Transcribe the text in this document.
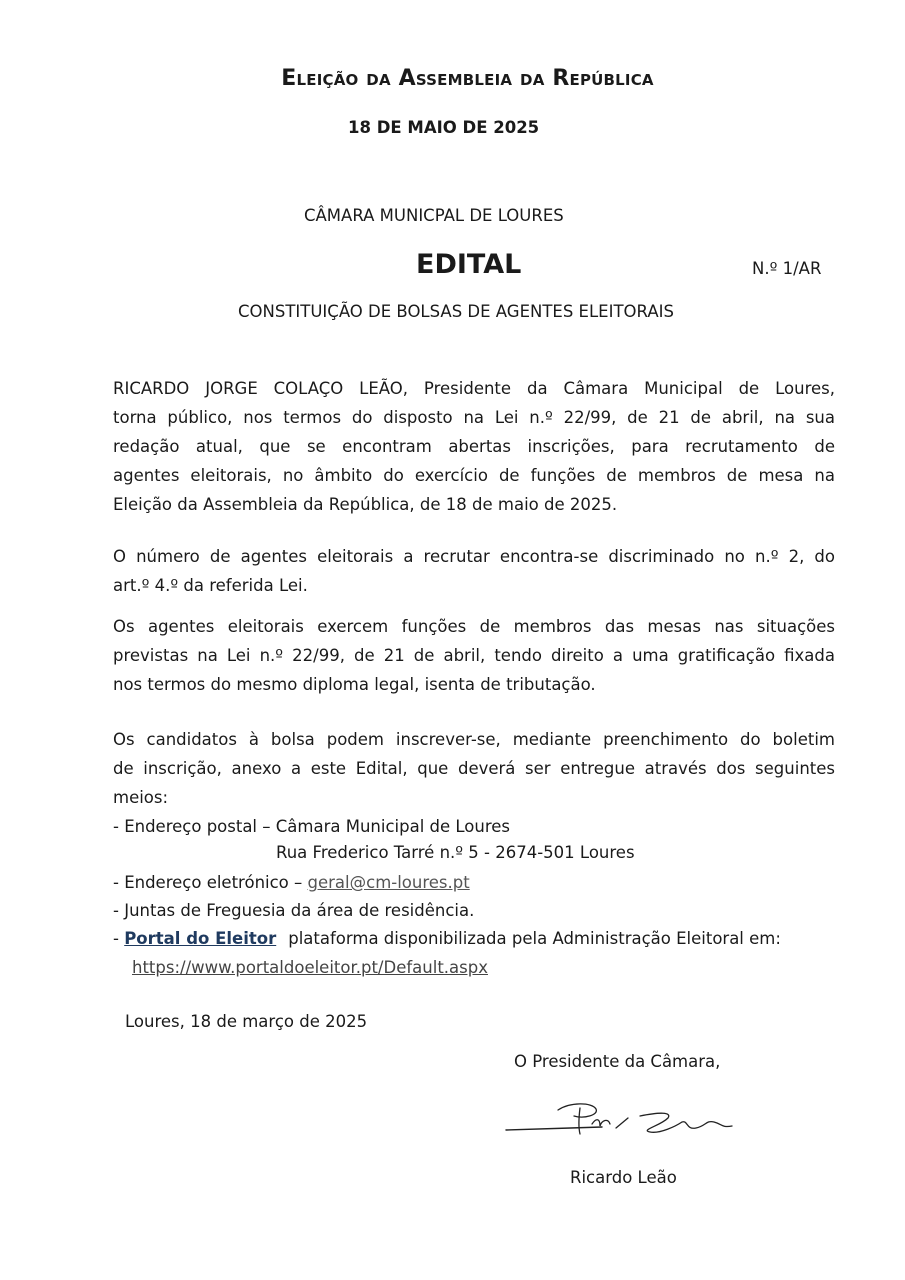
Eleição da Assembleia da República
18 DE MAIO DE 2025
CÂMARA MUNICPAL DE LOURES
EDITAL	N.º 1/AR
CONSTITUIÇÃO DE BOLSAS DE AGENTES ELEITORAIS
RICARDO JORGE COLAÇO LEÃO, Presidente da Câmara Municipal de Loures,
torna público, nos termos do disposto na Lei n.º 22/99, de 21 de abril, na sua
redação atual, que se encontram abertas inscrições, para recrutamento de
agentes eleitorais, no âmbito do exercício de funções de membros de mesa na
Eleição da Assembleia da República, de 18 de maio de 2025.
O número de agentes eleitorais a recrutar encontra-se discriminado no n.º 2, do
art.º 4.º da referida Lei.
Os agentes eleitorais exercem funções de membros das mesas nas situações
previstas na Lei n.º 22/99, de 21 de abril, tendo direito a uma gratificação fixada
nos termos do mesmo diploma legal, isenta de tributação.
Os candidatos à bolsa podem inscrever-se, mediante preenchimento do boletim
de inscrição, anexo a este Edital, que deverá ser entregue através dos seguintes
meios:
- Endereço postal – Câmara Municipal de Loures
Rua Frederico Tarré n.º 5 - 2674-501 Loures
- Endereço eletrónico – geral@cm-loures.pt
- Juntas de Freguesia da área de residência.
- Portal do Eleitor plataforma disponibilizada pela Administração Eleitoral em:
https://www.portaldoeleitor.pt/Default.aspx
Loures, 18 de março de 2025
O Presidente da Câmara,
Ricardo Leão
